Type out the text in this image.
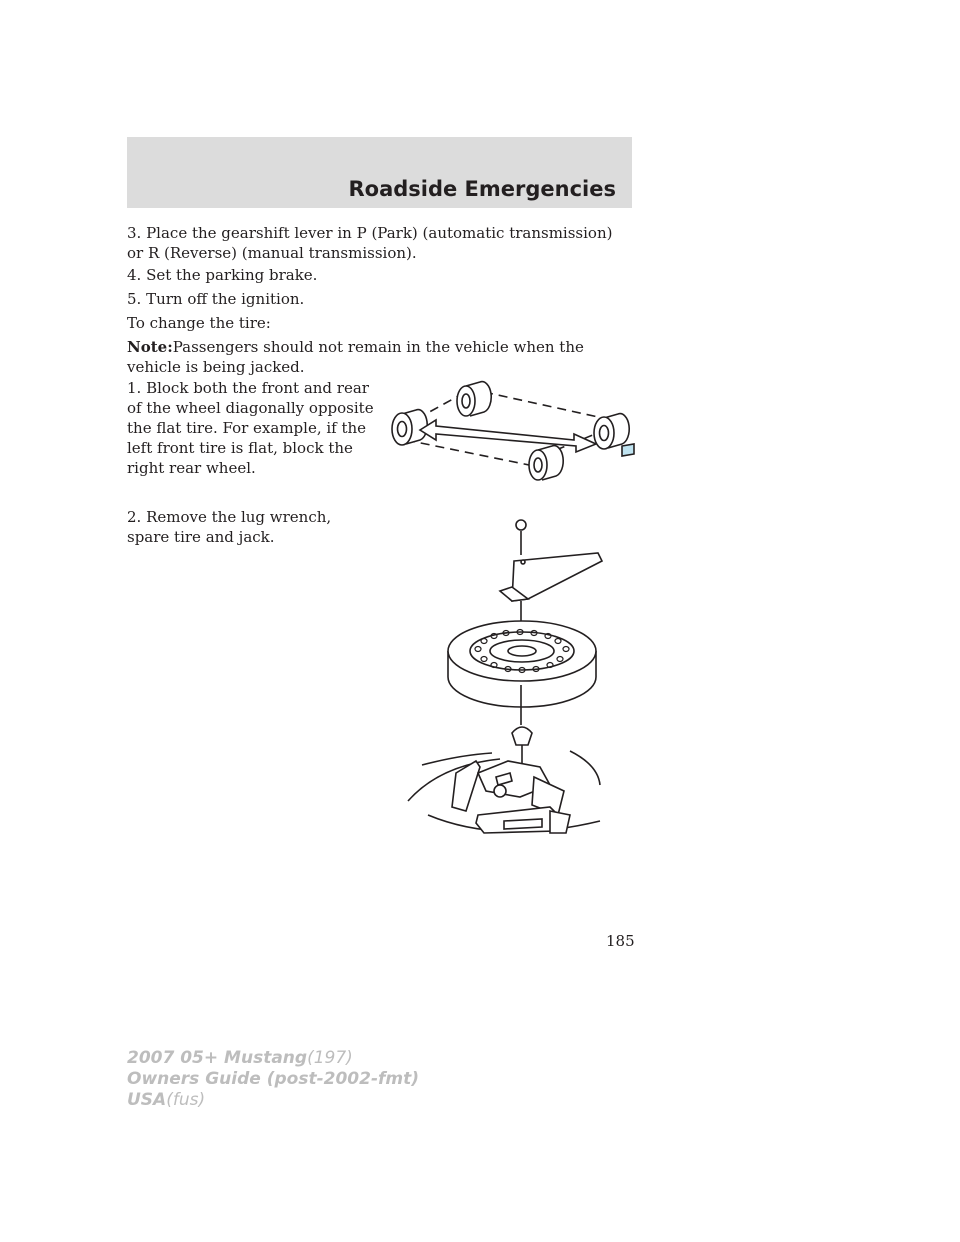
Roadside Emergencies

3. Place the gearshift lever in P (Park) (automatic transmission) or R (Reverse) (manual transmission).

4. Set the parking brake.

5. Turn off the ignition.

To change the tire:

Note:Passengers should not remain in the vehicle when the vehicle is being jacked.

1. Block both the front and rear of the wheel diagonally opposite the flat tire. For example, if the left front tire is flat, block the right rear wheel.

2. Remove the lug wrench, spare tire and jack.

185
2007 05+ Mustang(197)
Owners Guide (post-2002-fmt)
USA(fus)
